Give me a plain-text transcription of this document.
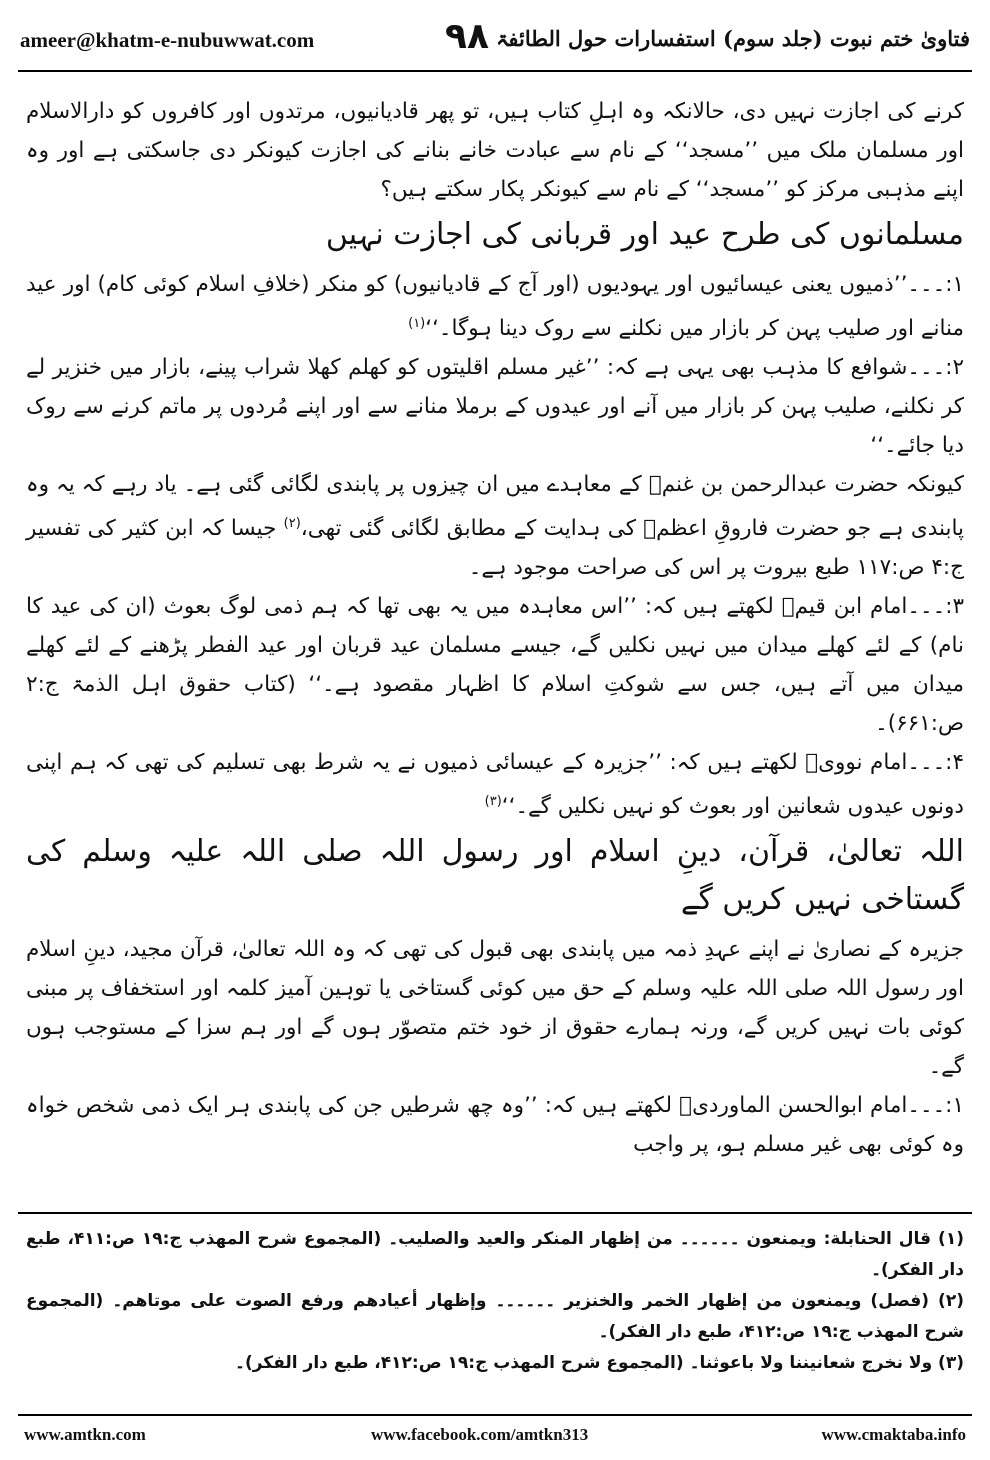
ameer@khatm-e-nubuwwat.com	۹۸ فتاویٰ ختم نبوت (جلد سوم) استفسارات حول الطائفۃ

کرنے کی اجازت نہیں دی، حالانکہ وہ اہلِ کتاب ہیں، تو پھر قادیانیوں، مرتدوں اور کافروں کو دارالاسلام اور مسلمان ملک میں ’’مسجد‘‘ کے نام سے عبادت خانے بنانے کی اجازت کیونکر دی جاسکتی ہے اور وہ اپنے مذہبی مرکز کو ’’مسجد‘‘ کے نام سے کیونکر پکار سکتے ہیں؟

مسلمانوں کی طرح عید اور قربانی کی اجازت نہیں

۱:۔۔۔’’ذمیوں یعنی عیسائیوں اور یہودیوں (اور آج کے قادیانیوں) کو منکر (خلافِ اسلام کوئی کام) اور عید منانے اور صلیب پہن کر بازار میں نکلنے سے روک دینا ہوگا۔‘‘$^{(۱)}$

۲:۔۔۔شوافع کا مذہب بھی یہی ہے کہ: ’’غیر مسلم اقلیتوں کو کھلم کھلا شراب پینے، بازار میں خنزیر لے کر نکلنے، صلیب پہن کر بازار میں آنے اور عیدوں کے برملا منانے سے اور اپنے مُردوں پر ماتم کرنے سے روک دیا جائے۔‘‘

کیونکہ حضرت عبدالرحمن بن غنمؓ کے معاہدے میں ان چیزوں پر پابندی لگائی گئی ہے۔ یاد رہے کہ یہ وہ پابندی ہے جو حضرت فاروقِ اعظمؓ کی ہدایت کے مطابق لگائی گئی تھی،$^{(۲)}$ جیسا کہ ابن کثیر کی تفسیر ج:۴ ص:۱۱۷ طبع بیروت پر اس کی صراحت موجود ہے۔

۳:۔۔۔امام ابن قیمؒ لکھتے ہیں کہ: ’’اس معاہدہ میں یہ بھی تھا کہ ہم ذمی لوگ بعوث (ان کی عید کا نام) کے لئے کھلے میدان میں نہیں نکلیں گے، جیسے مسلمان عید قربان اور عید الفطر پڑھنے کے لئے کھلے میدان میں آتے ہیں، جس سے شوکتِ اسلام کا اظہار مقصود ہے۔‘‘ (کتاب حقوق اہل الذمۃ ج:۲ ص:۶۶۱)۔

۴:۔۔۔امام نوویؒ لکھتے ہیں کہ: ’’جزیرہ کے عیسائی ذمیوں نے یہ شرط بھی تسلیم کی تھی کہ ہم اپنی دونوں عیدوں شعانین اور بعوث کو نہیں نکلیں گے۔‘‘$^{(۳)}$

اللہ تعالیٰ، قرآن، دینِ اسلام اور رسول اللہ صلی اللہ علیہ وسلم کی گستاخی نہیں کریں گے

جزیرہ کے نصاریٰ نے اپنے عہدِ ذمہ میں پابندی بھی قبول کی تھی کہ وہ اللہ تعالیٰ، قرآن مجید، دینِ اسلام اور رسول اللہ صلی اللہ علیہ وسلم کے حق میں کوئی گستاخی یا توہین آمیز کلمہ اور استخفاف پر مبنی کوئی بات نہیں کریں گے، ورنہ ہمارے حقوق از خود ختم متصوّر ہوں گے اور ہم سزا کے مستوجب ہوں گے۔

۱:۔۔۔امام ابوالحسن الماوردیؒ لکھتے ہیں کہ: ’’وہ چھ شرطیں جن کی پابندی ہر ایک ذمی شخص خواہ وہ کوئی بھی غیر مسلم ہو، پر واجب

(۱) قال الحنابلة: ويمنعون ۔۔۔۔۔۔ من إظهار المنكر والعيد والصليب۔ (المجموع شرح المهذب ج:۱۹ ص:۴۱۱، طبع دار الفكر)۔

(۲) (فصل) ويمنعون من إظهار الخمر والخنزير ۔۔۔۔۔۔ وإظهار أعيادهم ورفع الصوت على موتاهم۔ (المجموع شرح المهذب ج:۱۹ ص:۴۱۲، طبع دار الفكر)۔

(۳) ولا نخرج شعانيننا ولا باعوثنا۔ (المجموع شرح المهذب ج:۱۹ ص:۴۱۲، طبع دار الفكر)۔

www.amtkn.com	www.facebook.com/amtkn313	www.cmaktaba.info
